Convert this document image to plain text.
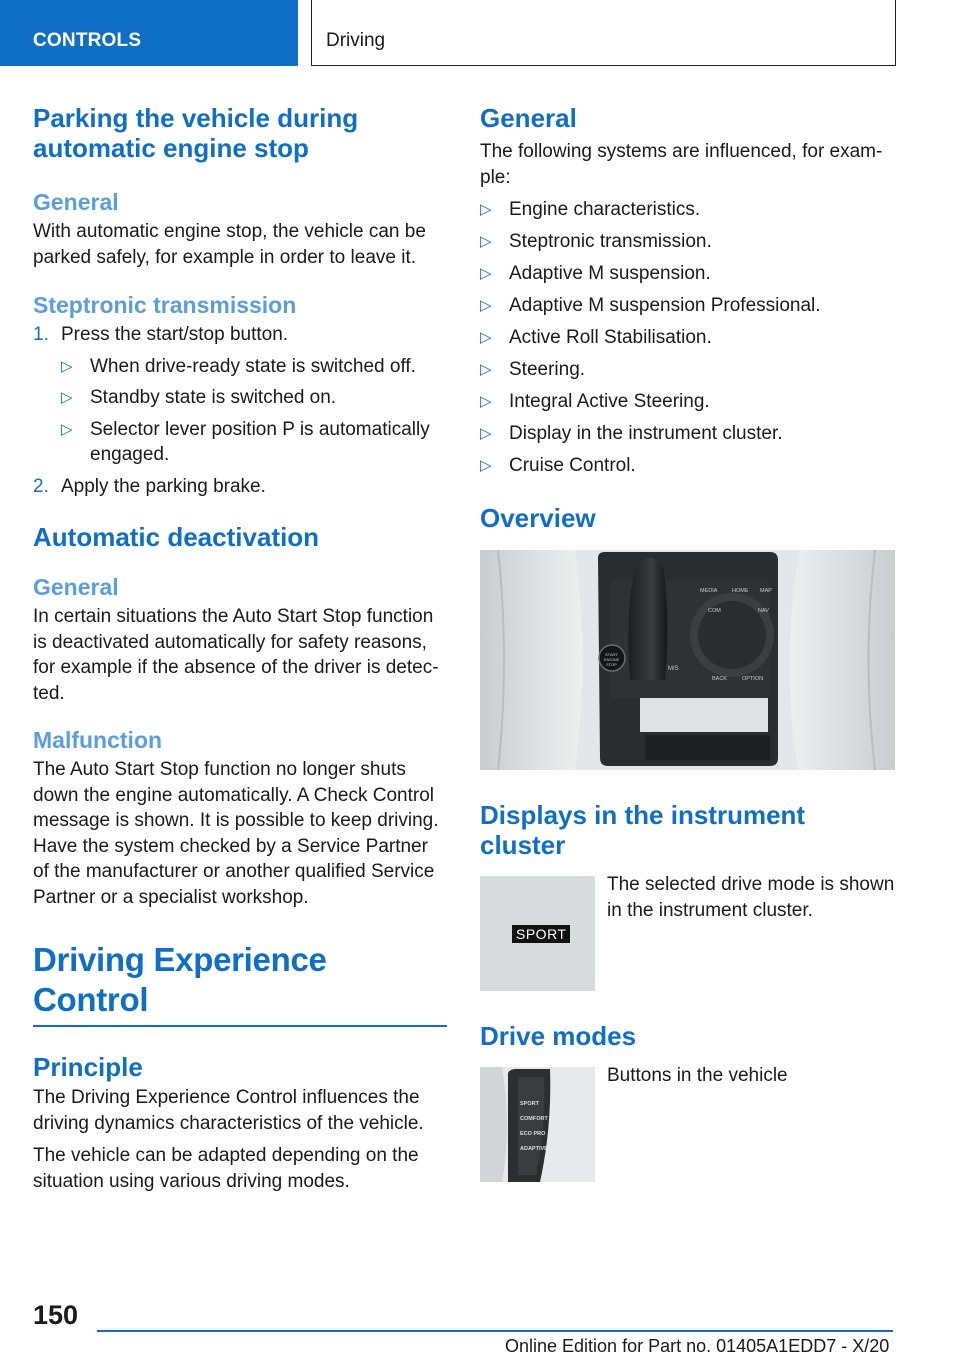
CONTROLS	Driving
Parking the vehicle during automatic engine stop
General
With automatic engine stop, the vehicle can be parked safely, for example in order to leave it.
Steptronic transmission
1. Press the start/stop button.
▷ When drive-ready state is switched off.
▷ Standby state is switched on.
▷ Selector lever position P is automatically engaged.
2. Apply the parking brake.
Automatic deactivation
General
In certain situations the Auto Start Stop function is deactivated automatically for safety reasons, for example if the absence of the driver is detected.
Malfunction
The Auto Start Stop function no longer shuts down the engine automatically. A Check Control message is shown. It is possible to keep driving. Have the system checked by a Service Partner of the manufacturer or another qualified Service Partner or a specialist workshop.
Driving Experience Control
Principle
The Driving Experience Control influences the driving dynamics characteristics of the vehicle.
The vehicle can be adapted depending on the situation using various driving modes.
General
The following systems are influenced, for example:
▷ Engine characteristics.
▷ Steptronic transmission.
▷ Adaptive M suspension.
▷ Adaptive M suspension Professional.
▷ Active Roll Stabilisation.
▷ Steering.
▷ Integral Active Steering.
▷ Display in the instrument cluster.
▷ Cruise Control.
Overview
MEDIA	HOME MAP
COM	NAV
BACK	OPTION
START
ENGINE
STOP
M/S
Displays in the instrument cluster
SPORT
The selected drive mode is shown in the instrument cluster.
Drive modes
SPORT
COMFORT
ECO PRO
ADAPTIVE
Buttons in the vehicle
150
Online Edition for Part no. 01405A1EDD7 - X/20
